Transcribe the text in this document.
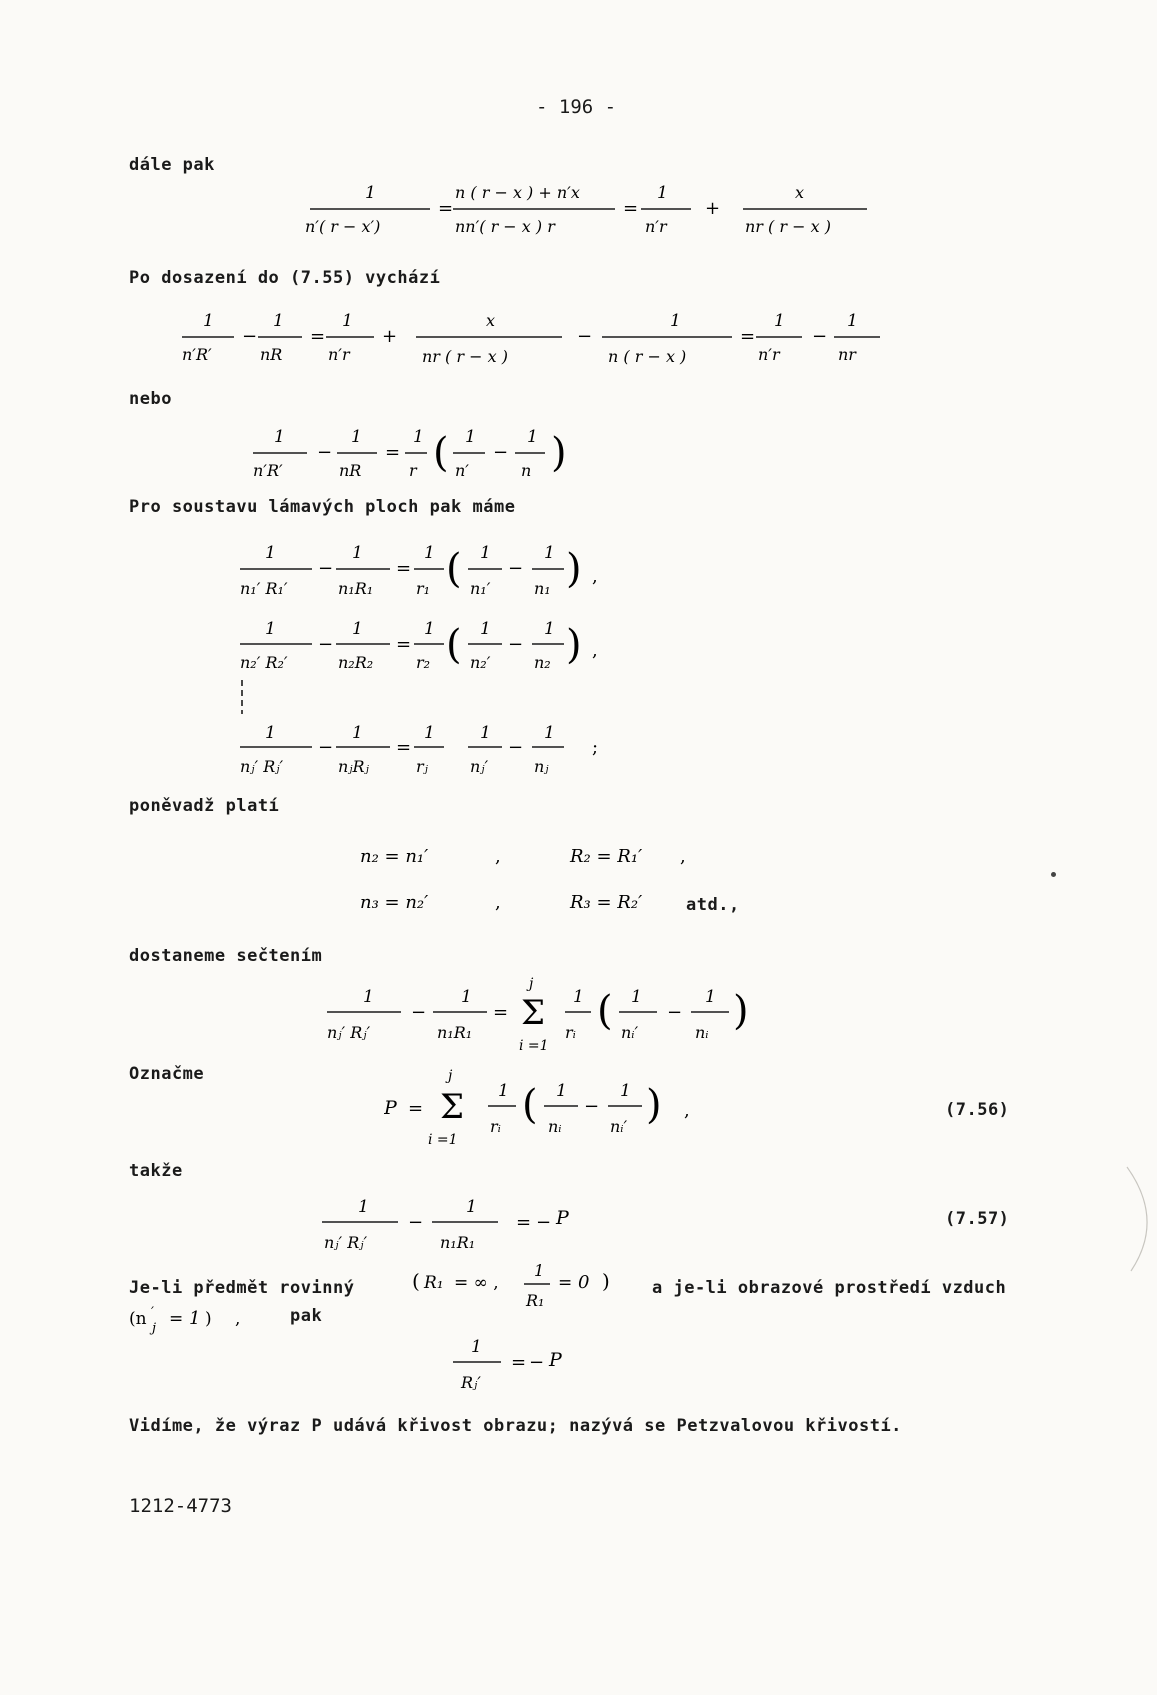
- 196 -
dále pak
1
n′( r − x′)
=
n ( r − x ) + n′x
nn′( r − x ) r
=
1
n′r
+
x
nr ( r − x )
Po dosazení do (7.55) vychází
1
n′R′
−
1
nR
=
1
n′r
+
x
nr ( r − x )
−
1
n ( r − x )
=
1
n′r
−
1
nr
nebo
1
n′R′
−
1
nR
=
1
r ( 1
n′
−
1
n )
Pro soustavu lámavých ploch pak máme
1
n₁′ R₁′
−
1
n₁R₁
=
1
r₁ ( 1
n₁′
−
1
n₁ ) ,
1
n₂′ R₂′
−
1
n₂R₂
=
1
r₂ ( 1
n₂′
−
1
n₂ ) ,
1
nⱼ′ Rⱼ′
−
1
nⱼRⱼ
=
1
rⱼ
1
nⱼ′
−
1
nⱼ
;
poněvadž platí
n₂ = n₁′	,	R₂ = R₁′ ,
n₃ = n₂′	,	R₃ = R₂′	atd.,
dostaneme sečtením
1
nⱼ′ Rⱼ′
−
1
n₁R₁
=
j
Σ
i =1
1
rᵢ ( 1
nᵢ′
−
1
nᵢ )
Označme
P =
j
Σ
i =1
1
rᵢ ( 1
nᵢ
−
1
nᵢ′ ) ,	(7.56)
takže
1
nⱼ′ Rⱼ′
−
1
n₁R₁
= − P	(7.57)
Je-li předmět rovinný	( R₁ = ∞ ,
1
R₁
= 0 ) a je-li obrazové prostředí vzduch
(n j
′ = 1 ) ,	pak
1
Rⱼ′
= − P
Vidíme, že výraz P udává křivost obrazu; nazývá se Petzvalovou křivostí.
1212-4773
